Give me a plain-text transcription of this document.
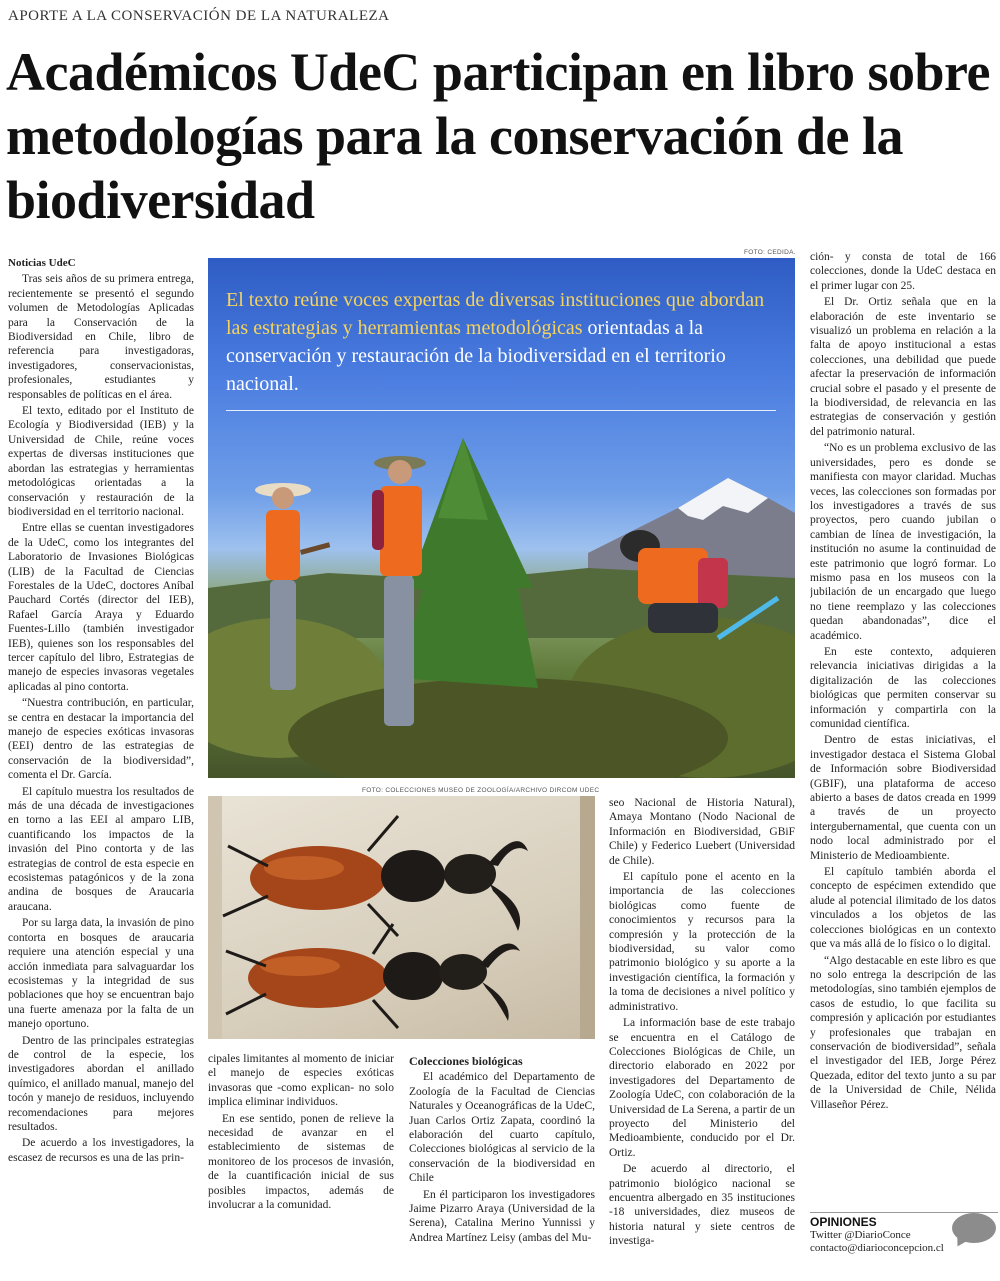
APORTE A LA CONSERVACIÓN DE LA NATURALEZA
Académicos UdeC participan en libro sobre metodologías para la conservación de la biodiversidad

Noticias UdeC

Tras seis años de su primera entrega, recientemente se presentó el segundo volumen de Metodologías Aplicadas para la Conservación de la Biodiversidad en Chile, libro de referencia para investigadoras, investigadores, conservacionistas, profesionales, estudiantes y responsables de políticas en el área.

El texto, editado por el Instituto de Ecología y Biodiversidad (IEB) y la Universidad de Chile, reúne voces expertas de diversas instituciones que abordan las estrategias y herramientas metodológicas orientadas a la conservación y restauración de la biodiversidad en el territorio nacional.

Entre ellas se cuentan investigadores de la UdeC, como los integrantes del Laboratorio de Invasiones Biológicas (LIB) de la Facultad de Ciencias Forestales de la UdeC, doctores Aníbal Pauchard Cortés (director del IEB), Rafael García Araya y Eduardo Fuentes-Lillo (también investigador IEB), quienes son los responsables del tercer capítulo del libro, Estrategias de manejo de especies invasoras vegetales aplicadas al pino contorta.

“Nuestra contribución, en particular, se centra en destacar la importancia del manejo de especies exóticas invasoras (EEI) dentro de las estrategias de conservación de la biodiversidad”, comenta el Dr. García.

El capítulo muestra los resultados de más de una década de investigaciones en torno a las EEI al amparo LIB, cuantificando los impactos de la invasión del Pino contorta y de las estrategias de control de esta especie en ecosistemas patagónicos y de la zona andina de bosques de Araucaria araucana.

Por su larga data, la invasión de pino contorta en bosques de araucaria requiere una atención especial y una acción inmediata para salvaguardar los ecosistemas y la integridad de sus poblaciones que hoy se encuentran bajo una fuerte amenaza por la falta de un manejo oportuno.

Dentro de las principales estrategias de control de la especie, los investigadores abordan el anillado químico, el anillado manual, manejo del tocón y manejo de residuos, incluyendo recomendaciones para mejores resultados.

De acuerdo a los investigadores, la escasez de recursos es una de las prin-

FOTO: CEDIDA.
El texto reúne voces expertas de diversas instituciones que abordan las estrategias y herramientas metodológicas orientadas a la conservación y restauración de la biodiversidad en el territorio nacional.
FOTO: COLECCIONES MUSEO DE ZOOLOGÍA/ARCHIVO DIRCOM UDEC

cipales limitantes al momento de iniciar el manejo de especies exóticas invasoras que -como explican- no solo implica eliminar individuos.

En ese sentido, ponen de relieve la necesidad de avanzar en el establecimiento de sistemas de monitoreo de los procesos de invasión, de la cuantificación inicial de sus posibles impactos, además de involucrar a la comunidad.

Colecciones biológicas

El académico del Departamento de Zoología de la Facultad de Ciencias Naturales y Oceanográficas de la UdeC, Juan Carlos Ortiz Zapata, coordinó la elaboración del cuarto capítulo, Colecciones biológicas al servicio de la conservación de la biodiversidad en Chile

En él participaron los investigadores Jaime Pizarro Araya (Universidad de la Serena), Catalina Merino Yunnissi y Andrea Martínez Leisy (ambas del Mu-

seo Nacional de Historia Natural), Amaya Montano (Nodo Nacional de Información en Biodiversidad, GBiF Chile) y Federico Luebert (Universidad de Chile).

El capítulo pone el acento en la importancia de las colecciones biológicas como fuente de conocimientos y recursos para la compresión y la protección de la biodiversidad, su valor como patrimonio biológico y su aporte a la investigación científica, la formación y la toma de decisiones a nivel político y administrativo.

La información base de este trabajo se encuentra en el Catálogo de Colecciones Biológicas de Chile, un directorio elaborado en 2022 por investigadores del Departamento de Zoología UdeC, con colaboración de la Universidad de La Serena, a partir de un proyecto del Ministerio del Medioambiente, conducido por el Dr. Ortiz.

De acuerdo al directorio, el patrimonio biológico nacional se encuentra albergado en 35 instituciones -18 universidades, diez museos de historia natural y siete centros de investiga-

ción- y consta de total de 166 colecciones, donde la UdeC destaca en el primer lugar con 25.

El Dr. Ortiz señala que en la elaboración de este inventario se visualizó un problema en relación a la falta de apoyo institucional a estas colecciones, una debilidad que puede afectar la preservación de información crucial sobre el pasado y el presente de la biodiversidad, de relevancia en las estrategias de conservación y gestión del patrimonio natural.

“No es un problema exclusivo de las universidades, pero es donde se manifiesta con mayor claridad. Muchas veces, las colecciones son formadas por los investigadores a través de sus proyectos, pero cuando jubilan o cambian de línea de investigación, la institución no asume la continuidad de este patrimonio que logró formar. Lo mismo pasa en los museos con la jubilación de un encargado que luego no tiene reemplazo y las colecciones quedan abandonadas”, dice el académico.

En este contexto, adquieren relevancia iniciativas dirigidas a la digitalización de las colecciones biológicas que permiten conservar su información y compartirla con la comunidad científica.

Dentro de estas iniciativas, el investigador destaca el Sistema Global de Información sobre Biodiversidad (GBIF), una plataforma de acceso abierto a bases de datos creada en 1999 a través de un proyecto intergubernamental, que cuenta con un nodo local administrado por el Ministerio de Medioambiente.

El capítulo también aborda el concepto de espécimen extendido que alude al potencial ilimitado de los datos vinculados a los objetos de las colecciones biológicas en un contexto que va más allá de lo físico o lo digital.

“Algo destacable en este libro es que no solo entrega la descripción de las metodologías, sino también ejemplos de casos de estudio, lo que facilita su compresión y aplicación por estudiantes y profesionales que trabajan en conservación de biodiversidad”, señala el investigador del IEB, Jorge Pérez Quezada, editor del texto junto a su par de la Universidad de Chile, Nélida Villaseñor Pérez.

OPINIONES
Twitter @DiarioConce
contacto@diarioconcepcion.cl
